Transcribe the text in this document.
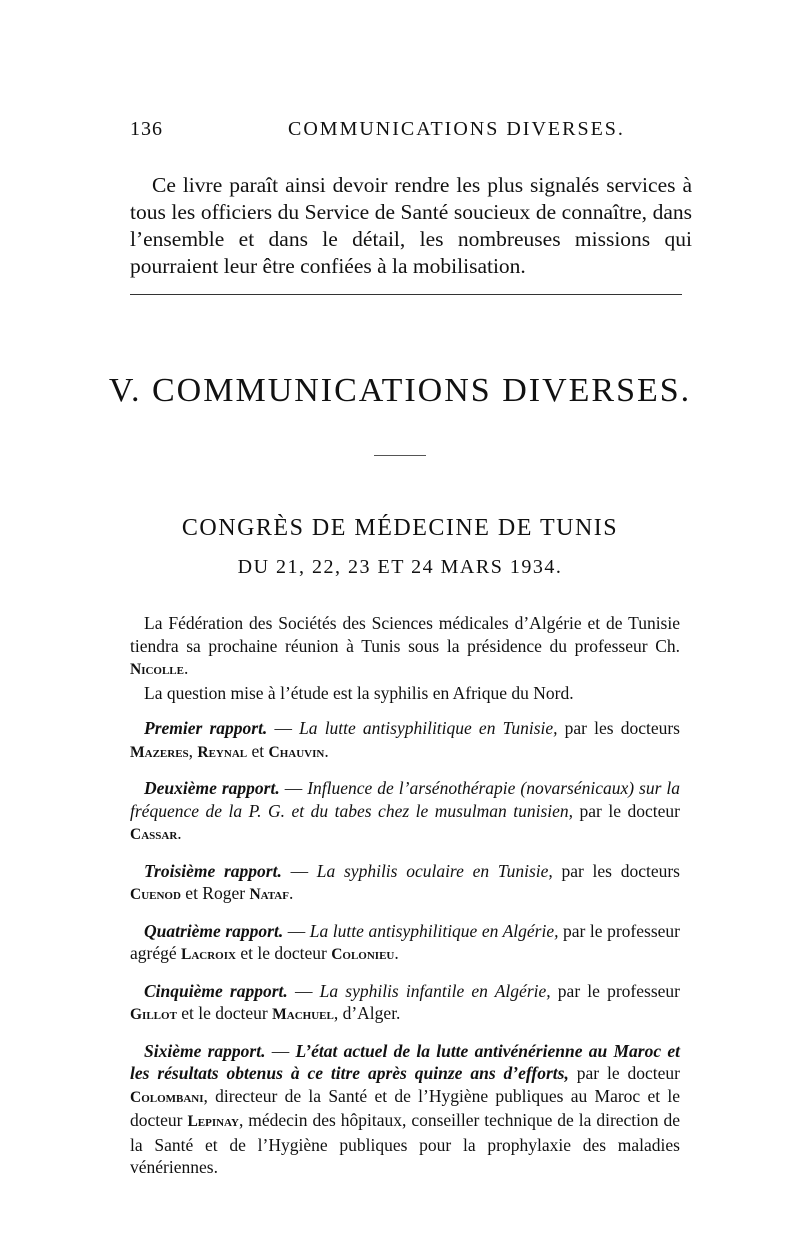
136	COMMUNICATIONS DIVERSES.

Ce livre paraît ainsi devoir rendre les plus signalés services à tous les officiers du Service de Santé soucieux de connaître, dans l’ensemble et dans le détail, les nombreuses missions qui pourraient leur être confiées à la mobilisation.

V. COMMUNICATIONS DIVERSES.
CONGRÈS DE MÉDECINE DE TUNIS
DU 21, 22, 23 ET 24 MARS 1934.

La Fédération des Sociétés des Sciences médicales d’Algérie et de Tunisie tiendra sa prochaine réunion à Tunis sous la présidence du professeur Ch. Nicolle.

La question mise à l’étude est la syphilis en Afrique du Nord.

Premier rapport. — La lutte antisyphilitique en Tunisie, par les docteurs Mazeres, Reynal et Chauvin.

Deuxième rapport. — Influence de l’arsénothérapie (novarsénicaux) sur la fréquence de la P. G. et du tabes chez le musulman tunisien, par le docteur Cassar.

Troisième rapport. — La syphilis oculaire en Tunisie, par les docteurs Cuenod et Roger Nataf.

Quatrième rapport. — La lutte antisyphilitique en Algérie, par le professeur agrégé Lacroix et le docteur Colonieu.

Cinquième rapport. — La syphilis infantile en Algérie, par le professeur Gillot et le docteur Machuel, d’Alger.

Sixième rapport. — L’état actuel de la lutte antivénérienne au Maroc et les résultats obtenus à ce titre après quinze ans d’efforts, par le docteur Colombani, directeur de la Santé et de l’Hygiène publiques au Maroc et le docteur Lepinay, médecin des hôpitaux, conseiller technique de la direction de la Santé et de l’Hygiène publiques pour la prophylaxie des maladies vénériennes.
